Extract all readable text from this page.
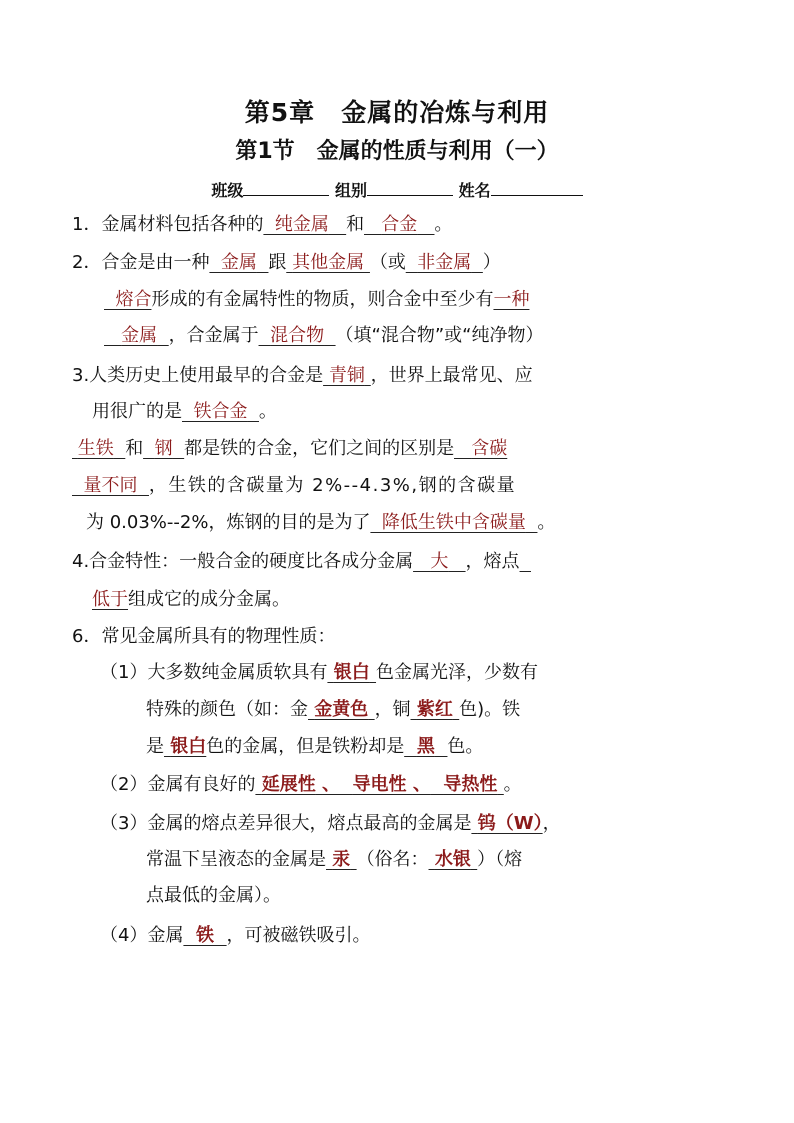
第5章 金属的冶炼与利用
第1节 金属的性质与利用（一）
班级	组别	姓名
1．金属材料包括各种的 纯金属 和 合金 。
2．合金是由一种 金属 跟 其他金属 （或 非金属 ）
熔合形成的有金属特性的物质，则合金中至少有一种
金属 ，合金属于 混合物 （填“混合物”或“纯净物）
3.人类历史上使用最早的合金是 青铜 ，世界上最常见、应
用很广的是 铁合金 。
生铁 和 钢 都是铁的合金，它们之间的区别是 含碳
量不同 ，生铁的含碳量为 2%--4.3%,钢的含碳量
为 0.03%--2%，炼钢的目的是为了 降低生铁中含碳量 。
4.合金特性：一般合金的硬度比各成分金属 大 ，熔点
低于组成它的成分金属。
6．常见金属所具有的物理性质：
（1）大多数纯金属质软具有 银白 色金属光泽，少数有
特殊的颜色（如：金 金黄色 ，铜 紫红 色)。铁
是 银白色的金属，但是铁粉却是 黑 色。
（2）金属有良好的 延展性 、 导电性 、 导热性 。
（3）金属的熔点差异很大，熔点最高的金属是 钨（W），
常温下呈液态的金属是 汞 （俗名： 水银 ）（熔
点最低的金属）。
（4）金属 铁 ，可被磁铁吸引。
